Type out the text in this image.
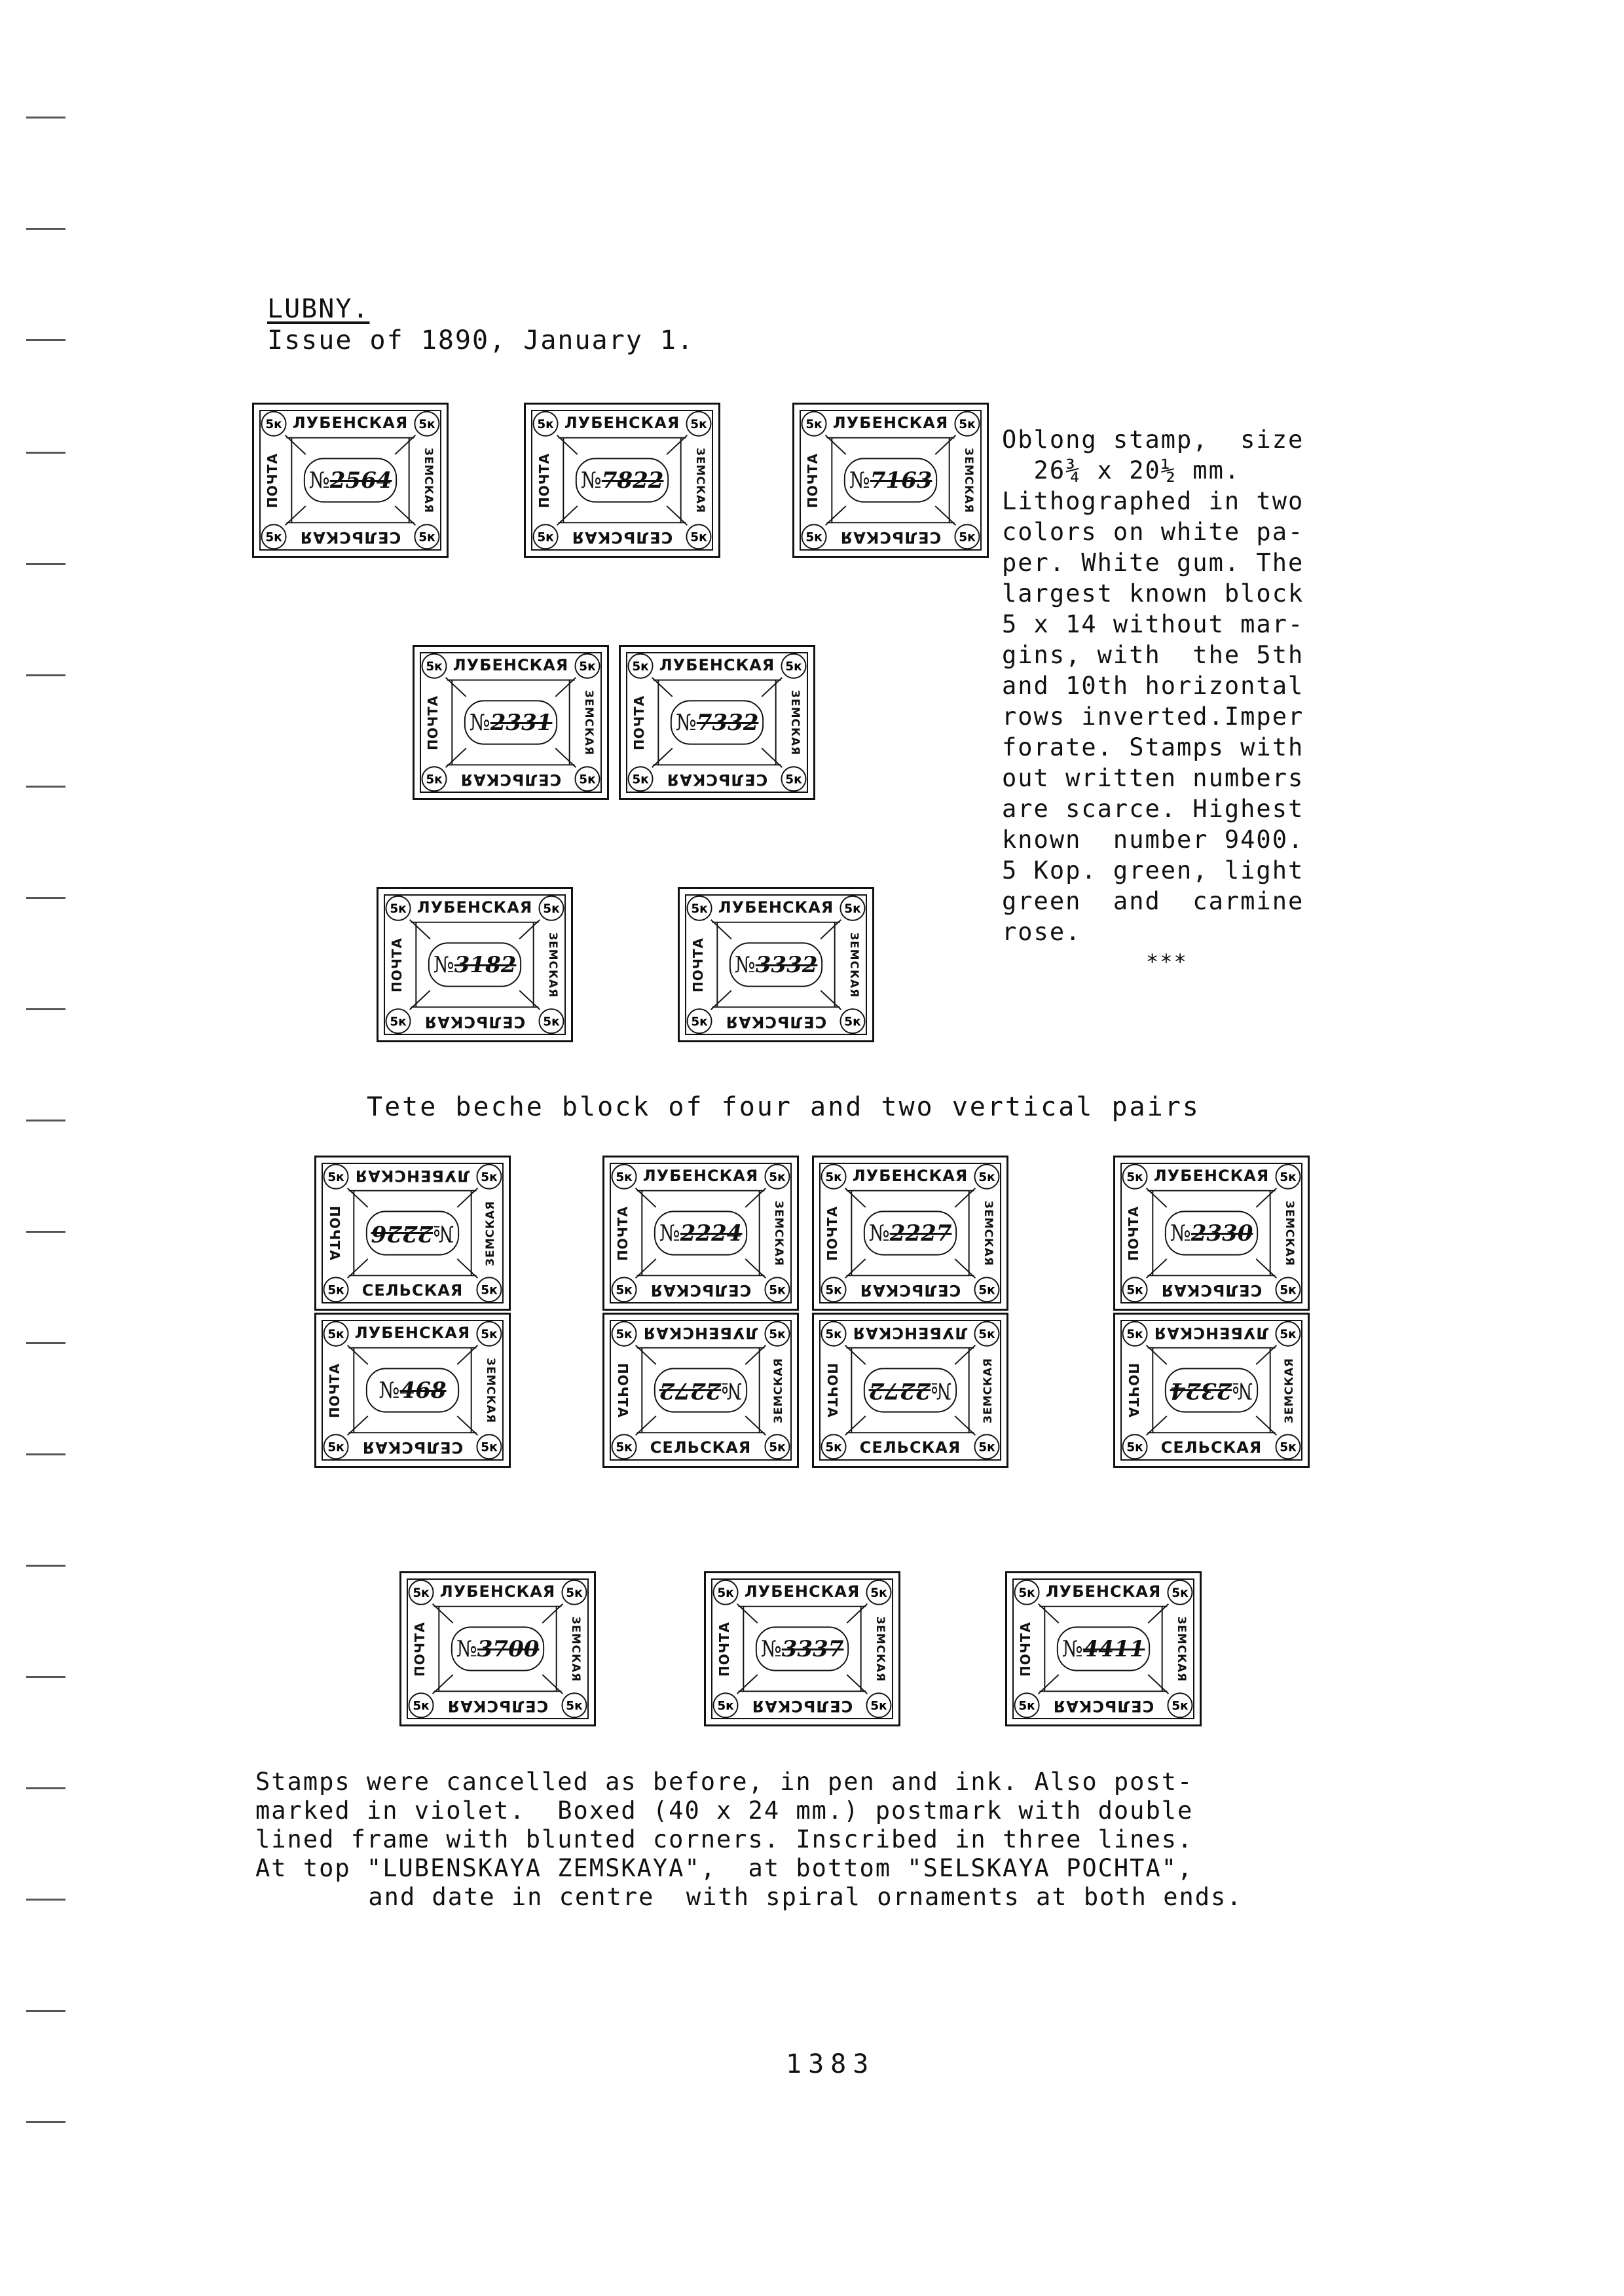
LUBNY.
Issue of 1890, January 1.

Oblong stamp,  size

26¾ x 20½ mm.

Lithographed in two

colors on white pa-

per. White gum. The

largest known block

5 x 14 without mar-

gins, with  the 5th

and 10th horizontal

rows inverted.Imper

forate. Stamps with

out written numbers

are scarce. Highest

known  number 9400.

5 Kop. green, light

green  and  carmine

rose.

***
Tete beche block of four and two vertical pairs
5к	5к
5к	5к
ЛУБЕНСКАЯ
СЕЛЬСКАЯ
ПОЧТА	ЗЕМСКАЯ
№2564
5к	5к
5к	5к
ЛУБЕНСКАЯ
СЕЛЬСКАЯ
ПОЧТА	ЗЕМСКАЯ
№7822
5к	5к
5к	5к
ЛУБЕНСКАЯ
СЕЛЬСКАЯ
ПОЧТА	ЗЕМСКАЯ
№7163
5к	5к
5к	5к
ЛУБЕНСКАЯ
СЕЛЬСКАЯ
ПОЧТА	ЗЕМСКАЯ
№2331
5к	5к
5к	5к
ЛУБЕНСКАЯ
СЕЛЬСКАЯ
ПОЧТА	ЗЕМСКАЯ
№7332
5к	5к
5к	5к
ЛУБЕНСКАЯ
СЕЛЬСКАЯ
ПОЧТА	ЗЕМСКАЯ
№3182
5к	5к
5к	5к
ЛУБЕНСКАЯ
СЕЛЬСКАЯ
ПОЧТА	ЗЕМСКАЯ
№3332
5к	5к
5к	5к
ЛУБЕНСКАЯ
СЕЛЬСКАЯ
ПОЧТА	ЗЕМСКАЯ
№2226
5к	5к
5к	5к
ЛУБЕНСКАЯ
СЕЛЬСКАЯ
ПОЧТА	ЗЕМСКАЯ
№468
5к	5к
5к	5к
ЛУБЕНСКАЯ
СЕЛЬСКАЯ
ПОЧТА	ЗЕМСКАЯ
№2224
5к	5к
5к	5к
ЛУБЕНСКАЯ
СЕЛЬСКАЯ
ПОЧТА	ЗЕМСКАЯ
№2227
5к	5к
5к	5к
ЛУБЕНСКАЯ
СЕЛЬСКАЯ
ПОЧТА	ЗЕМСКАЯ
№2272
5к	5к
5к	5к
ЛУБЕНСКАЯ
СЕЛЬСКАЯ
ПОЧТА	ЗЕМСКАЯ
№2272
5к	5к
5к	5к
ЛУБЕНСКАЯ
СЕЛЬСКАЯ
ПОЧТА	ЗЕМСКАЯ
№2330
5к	5к
5к	5к
ЛУБЕНСКАЯ
СЕЛЬСКАЯ
ПОЧТА	ЗЕМСКАЯ
№2324
5к	5к
5к	5к
ЛУБЕНСКАЯ
СЕЛЬСКАЯ
ПОЧТА	ЗЕМСКАЯ
№3700
5к	5к
5к	5к
ЛУБЕНСКАЯ
СЕЛЬСКАЯ
ПОЧТА	ЗЕМСКАЯ
№3337
5к	5к
5к	5к
ЛУБЕНСКАЯ
СЕЛЬСКАЯ
ПОЧТА	ЗЕМСКАЯ
№4411

Stamps were cancelled as before, in pen and ink. Also post-

marked in violet.  Boxed (40 x 24 mm.) postmark with double

lined frame with blunted corners. Inscribed in three lines.

At top "LUBENSKAYA ZEMSKAYA",  at bottom "SELSKAYA POCHTA",

and date in centre  with spiral ornaments at both ends.

1383
